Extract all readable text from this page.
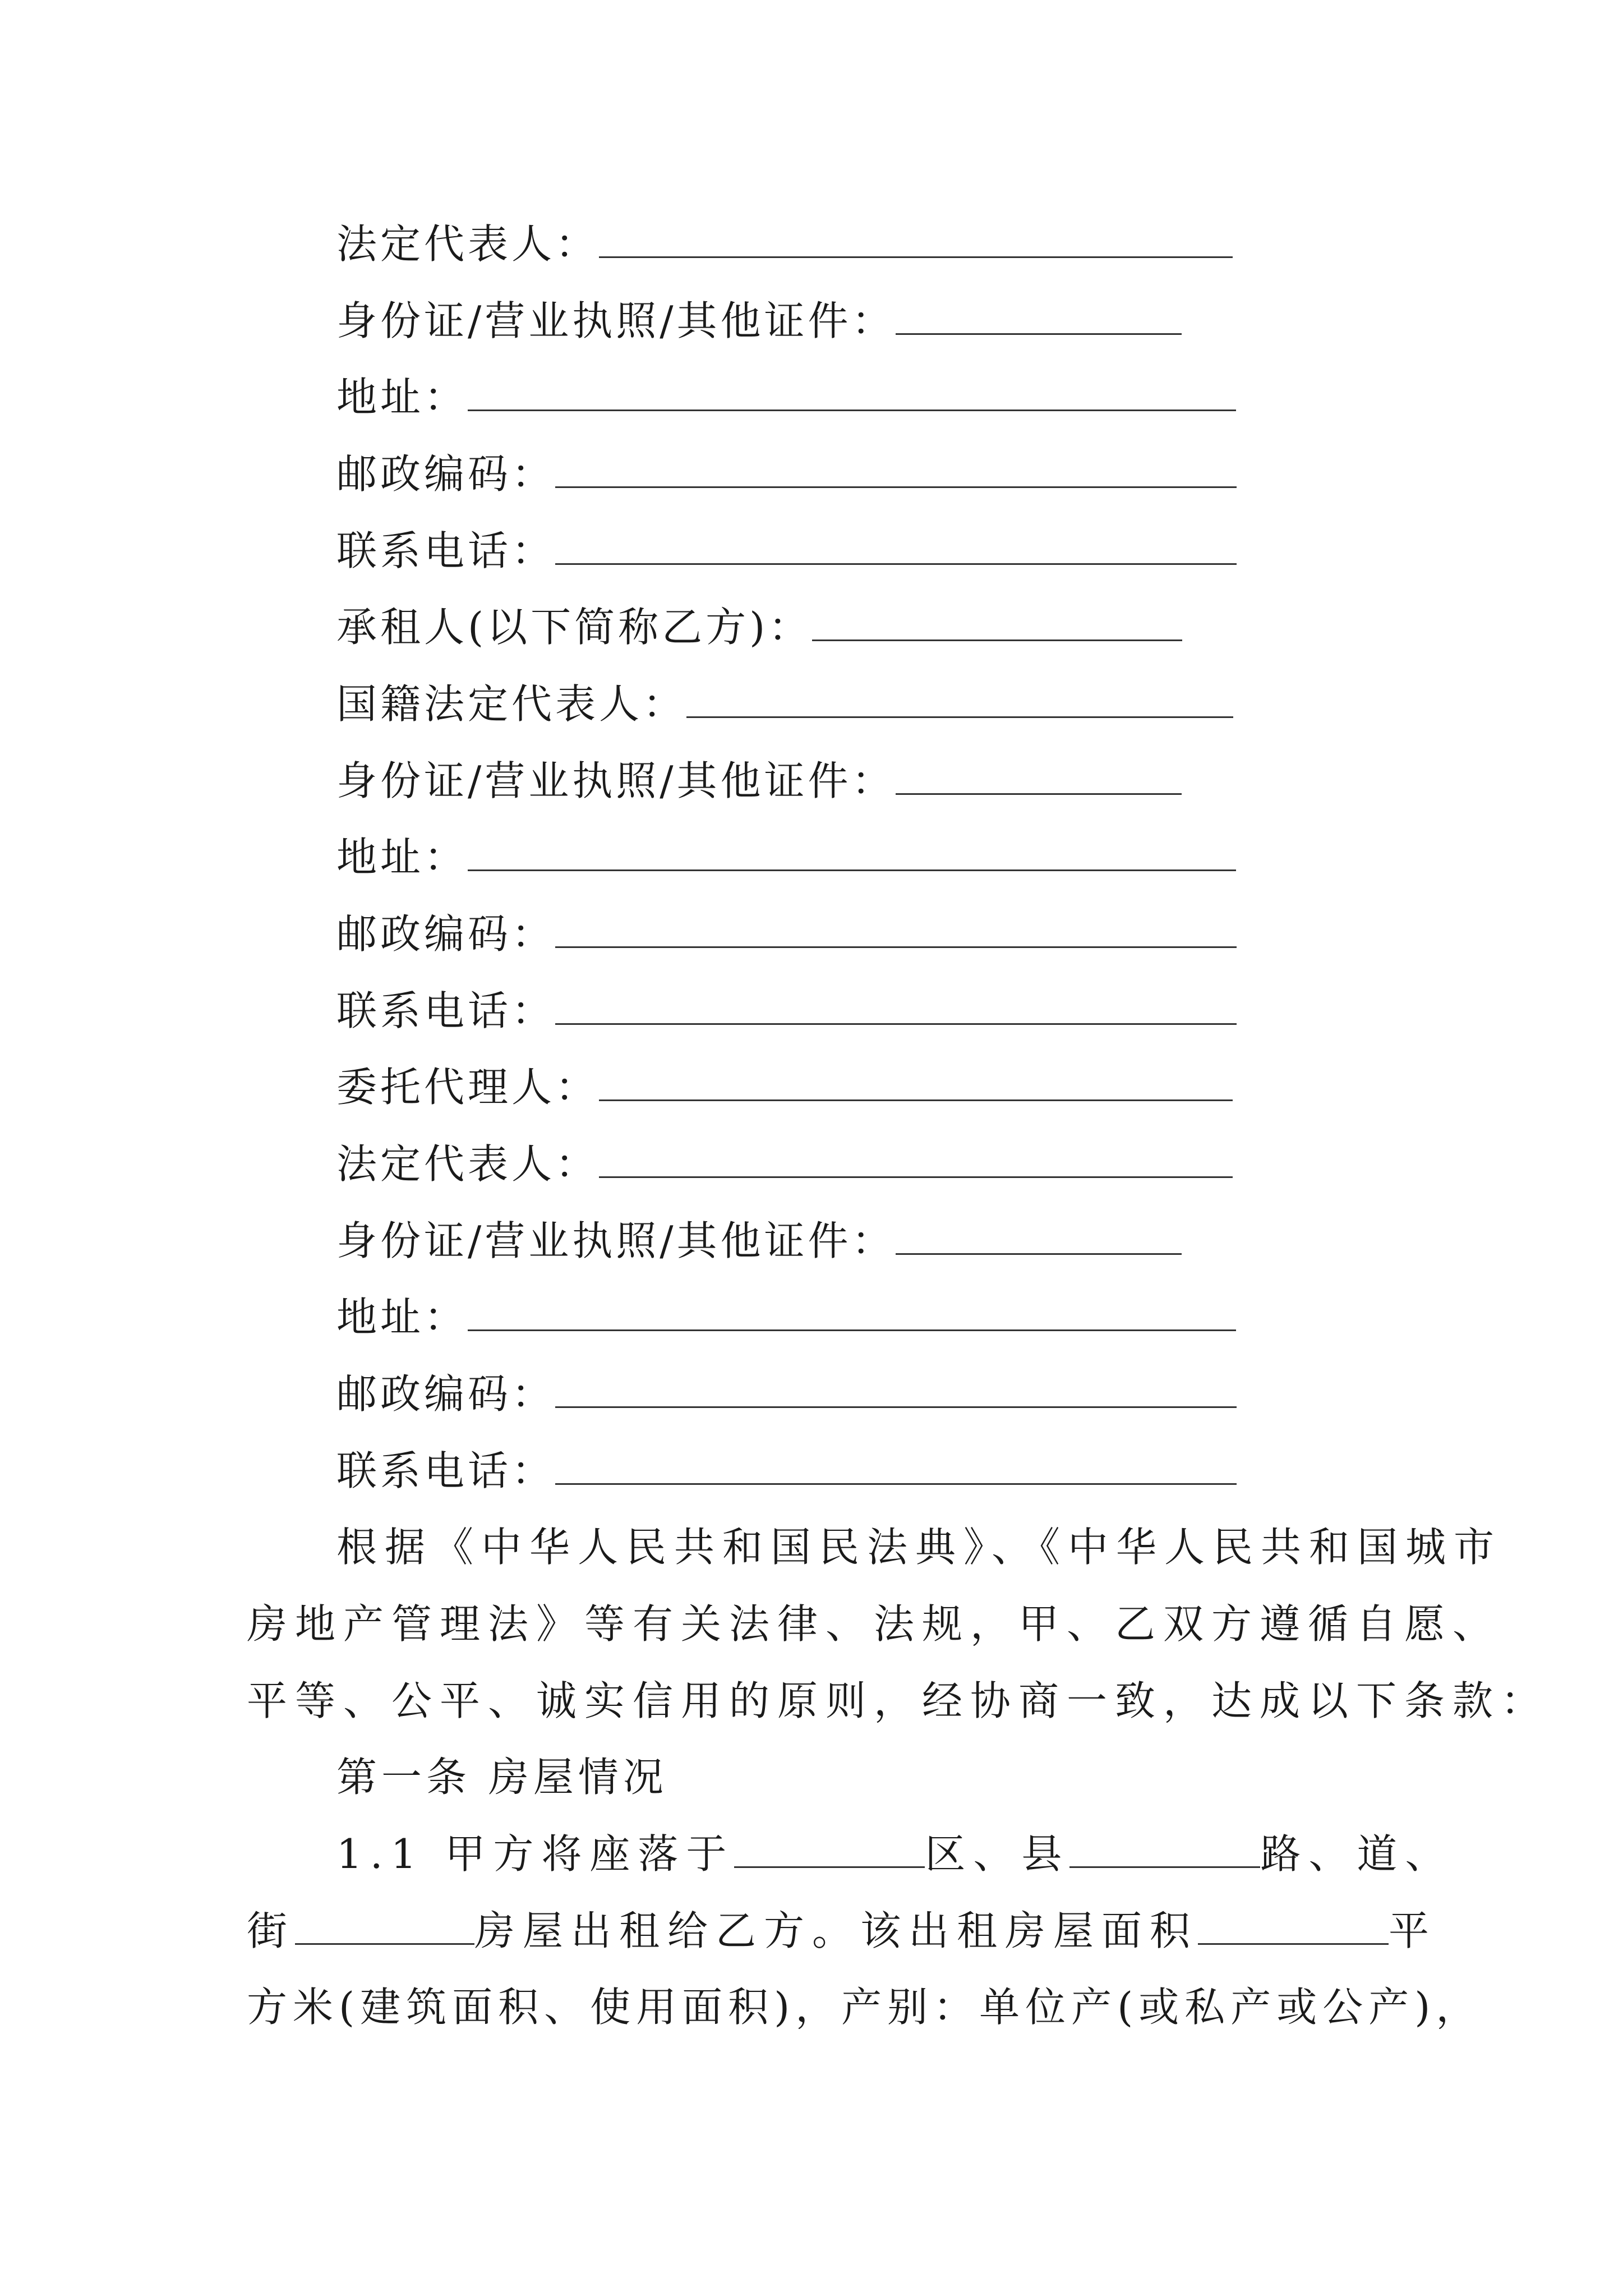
法定代表人：
身份证/营业执照/其他证件：
地址：
邮政编码：
联系电话：
承租人(以下简称乙方)：
国籍法定代表人：
身份证/营业执照/其他证件：
地址：
邮政编码：
联系电话：
委托代理人：
法定代表人：
身份证/营业执照/其他证件：
地址：
邮政编码：
联系电话：
根据《中华人民共和国民法典》、《中华人民共和国城市
房地产管理法》等有关法律、法规，甲、乙双方遵循自愿、
平等、公平、诚实信用的原则，经协商一致，达成以下条款：
第一条 房屋情况
1.1 甲方将座落于	区、县	路、道、
街	房屋出租给乙方。该出租房屋面积	平
方米(建筑面积、使用面积)，产别：单位产(或私产或公产)，
